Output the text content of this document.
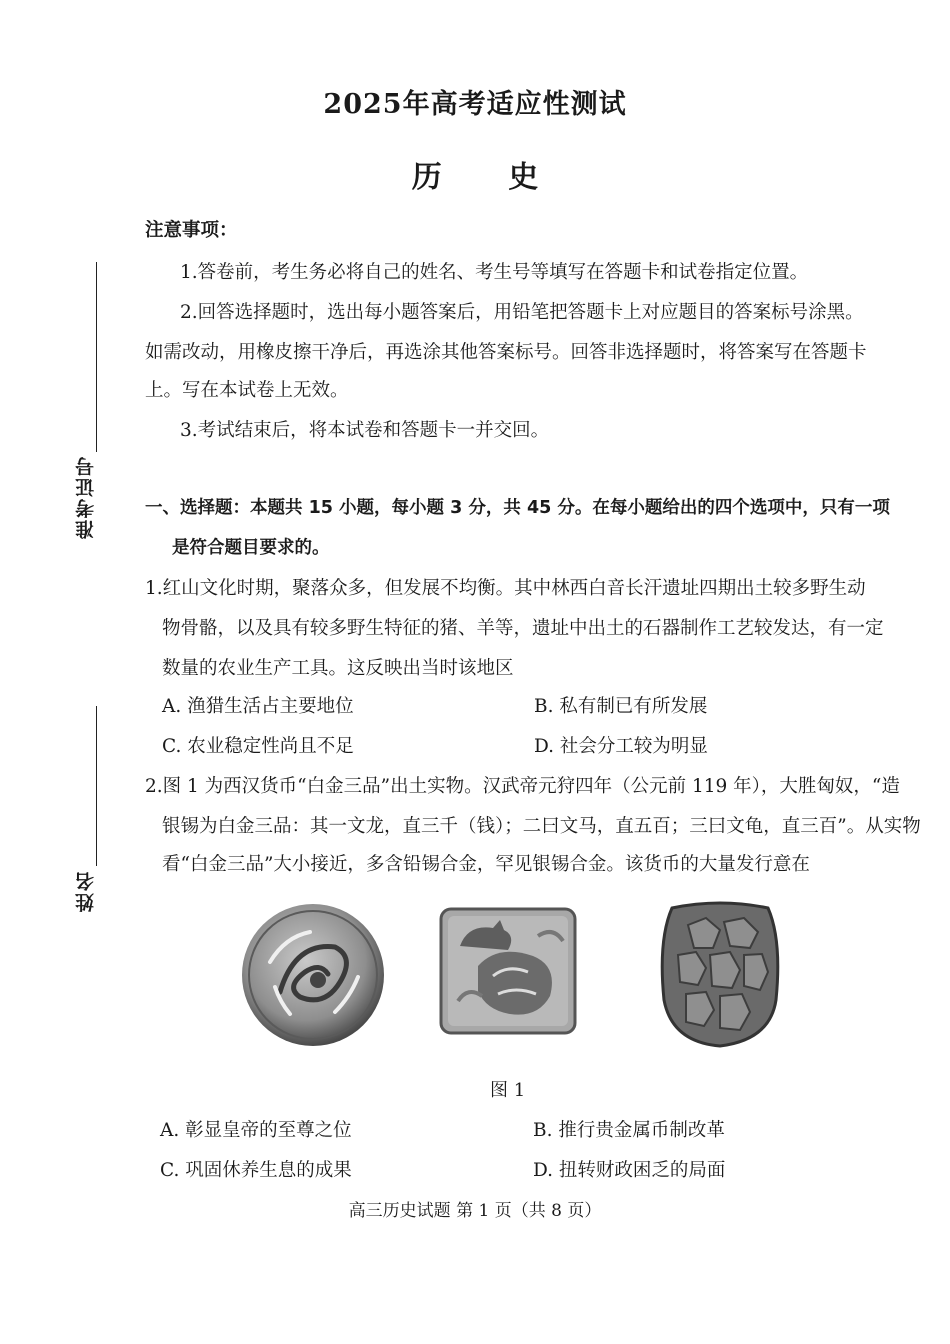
准考证号
姓名
2025年高考适应性测试
历 史
注意事项：
1.答卷前，考生务必将自己的姓名、考生号等填写在答题卡和试卷指定位置。
2.回答选择题时，选出每小题答案后，用铅笔把答题卡上对应题目的答案标号涂黑。
如需改动，用橡皮擦干净后，再选涂其他答案标号。回答非选择题时，将答案写在答题卡
上。写在本试卷上无效。
3.考试结束后，将本试卷和答题卡一并交回。
一、选择题：本题共 15 小题，每小题 3 分，共 45 分。在每小题给出的四个选项中，只有一项
是符合题目要求的。
1.红山文化时期，聚落众多，但发展不均衡。其中林西白音长汗遗址四期出土较多野生动
物骨骼，以及具有较多野生特征的猪、羊等，遗址中出土的石器制作工艺较发达，有一定
数量的农业生产工具。这反映出当时该地区
A. 渔猎生活占主要地位	B. 私有制已有所发展
C. 农业稳定性尚且不足	D. 社会分工较为明显
2.图 1 为西汉货币“白金三品”出土实物。汉武帝元狩四年（公元前 119 年），大胜匈奴，“造
银锡为白金三品：其一文龙，直三千（钱）；二曰文马，直五百；三曰文龟，直三百”。从实物
看“白金三品”大小接近，多含铅锡合金，罕见银锡合金。该货币的大量发行意在
图 1
A. 彰显皇帝的至尊之位	B. 推行贵金属币制改革
C. 巩固休养生息的成果	D. 扭转财政困乏的局面
高三历史试题 第 1 页（共 8 页）
